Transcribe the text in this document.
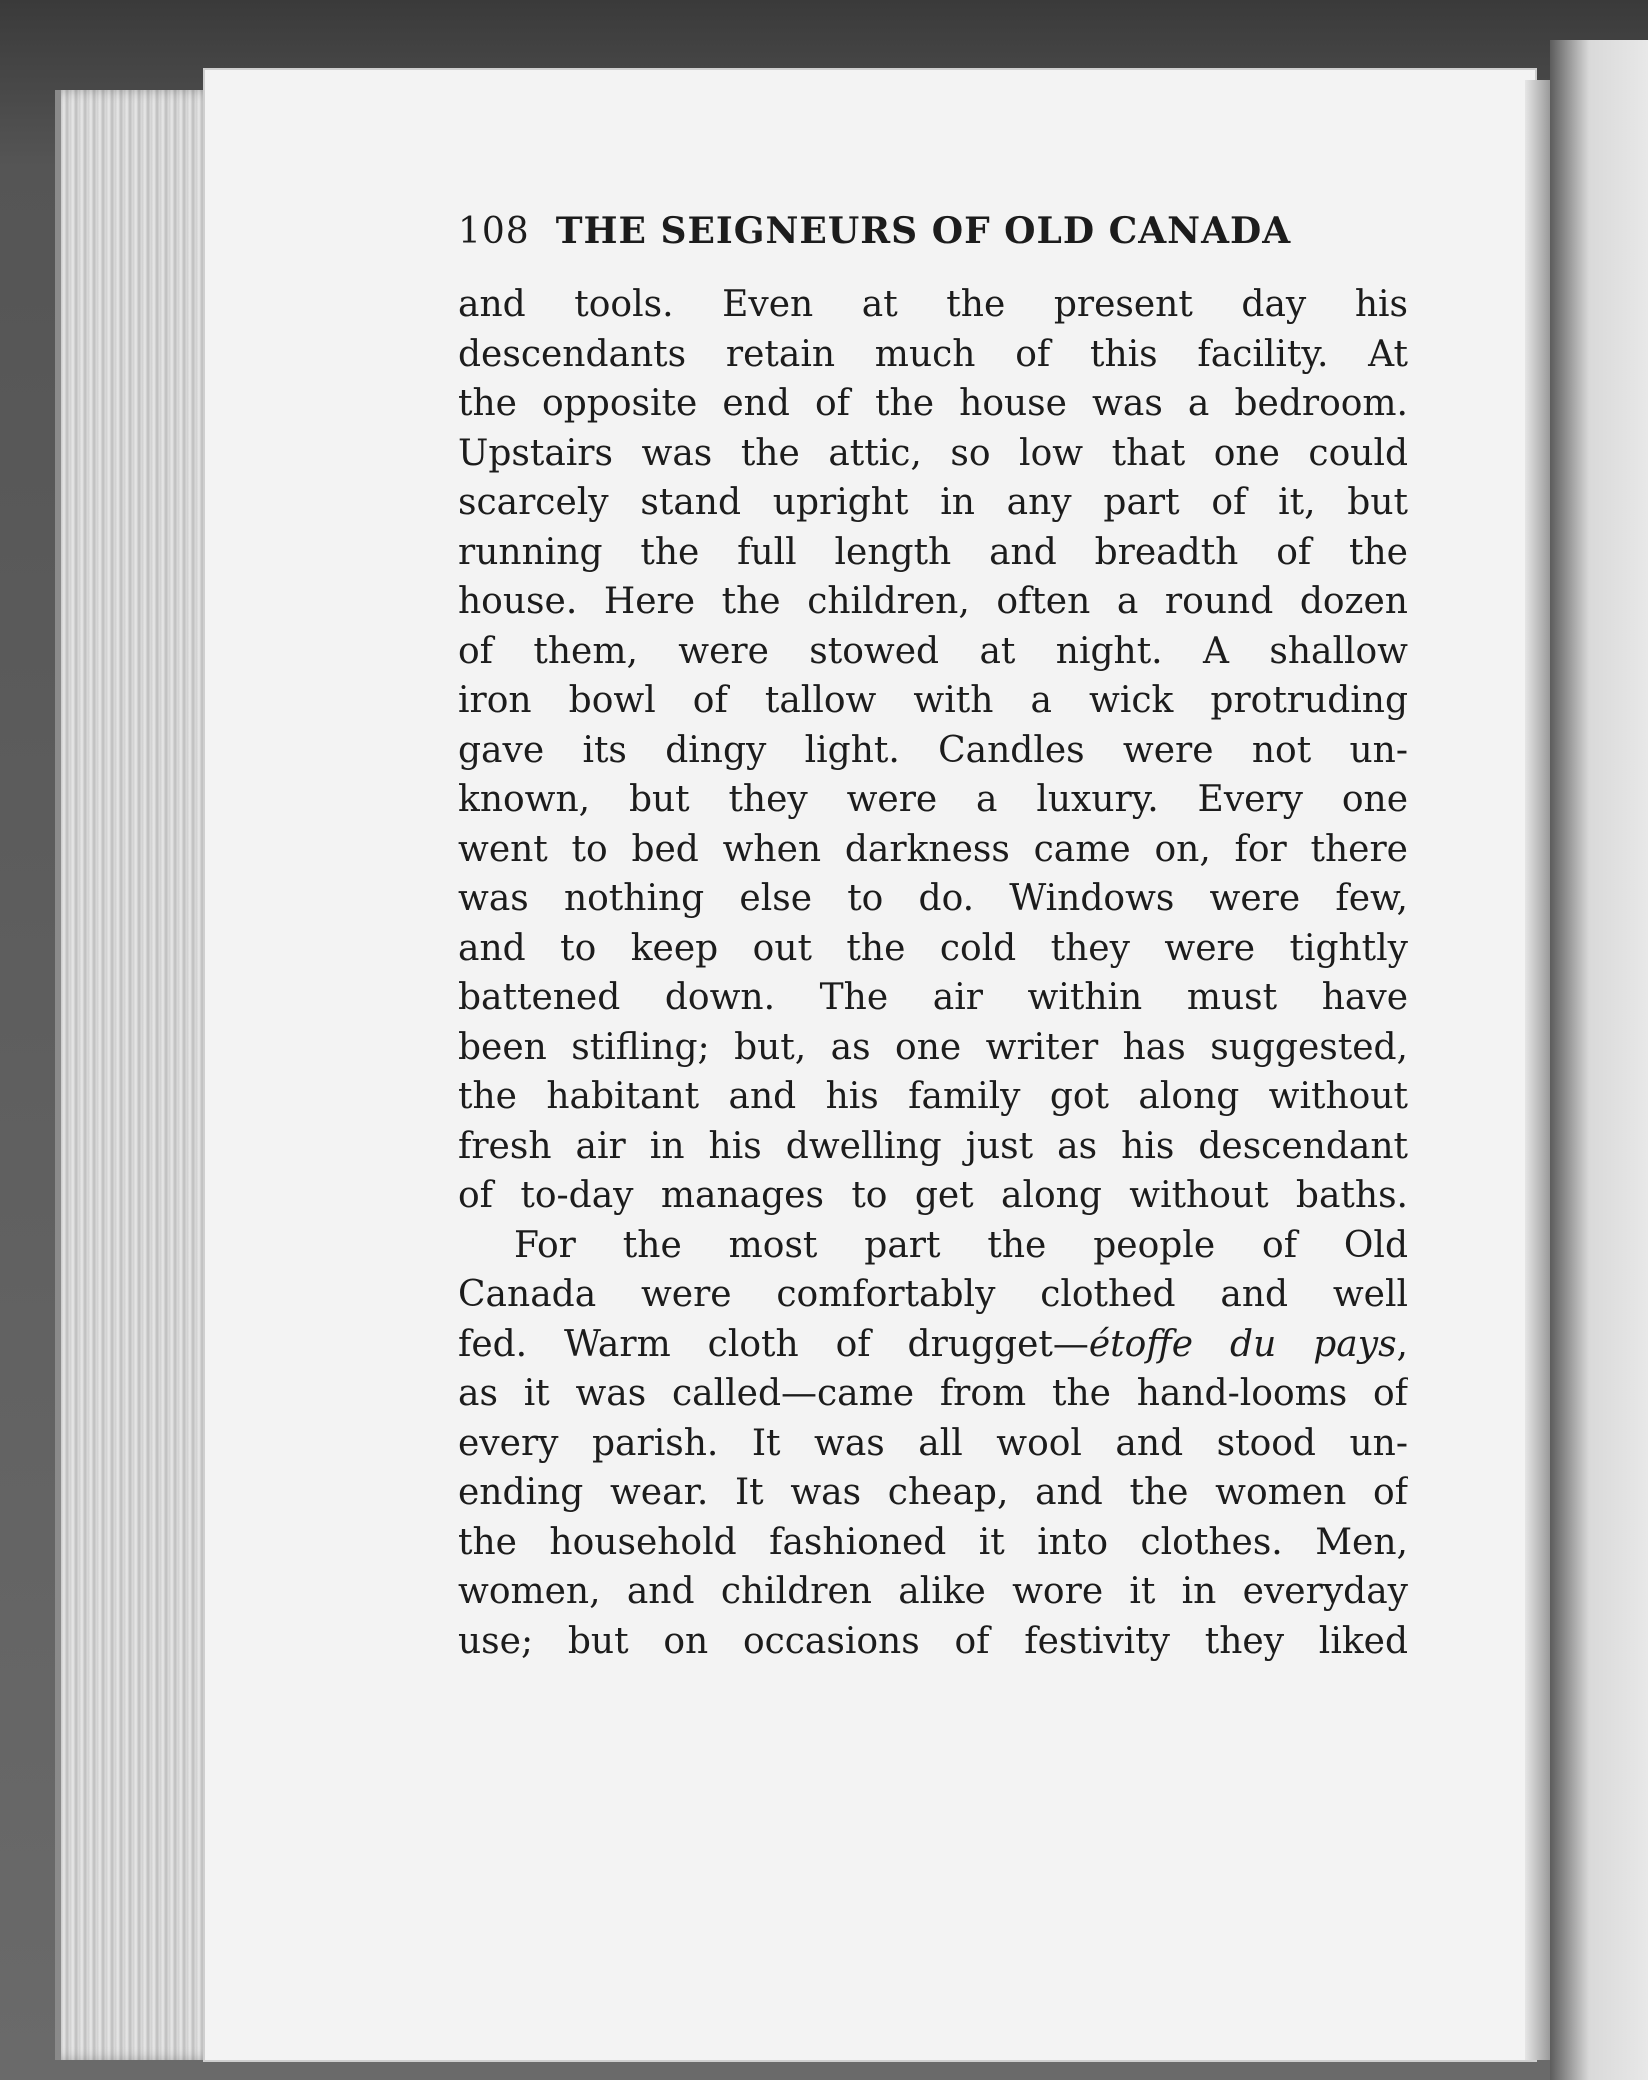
108 THE SEIGNEURS OF OLD CANADA
and tools. Even at the present day his
descendants retain much of this facility. At
the opposite end of the house was a bedroom.
Upstairs was the attic, so low that one could
scarcely stand upright in any part of it, but
running the full length and breadth of the
house. Here the children, often a round dozen
of them, were stowed at night. A shallow
iron bowl of tallow with a wick protruding
gave its dingy light. Candles were not un-
known, but they were a luxury. Every one
went to bed when darkness came on, for there
was nothing else to do. Windows were few,
and to keep out the cold they were tightly
battened down. The air within must have
been stifling; but, as one writer has suggested,
the habitant and his family got along without
fresh air in his dwelling just as his descendant
of to-day manages to get along without baths.
For the most part the people of Old
Canada were comfortably clothed and well
fed. Warm cloth of drugget—étoffe du pays,
as it was called—came from the hand-looms of
every parish. It was all wool and stood un-
ending wear. It was cheap, and the women of
the household fashioned it into clothes. Men,
women, and children alike wore it in everyday
use; but on occasions of festivity they liked
